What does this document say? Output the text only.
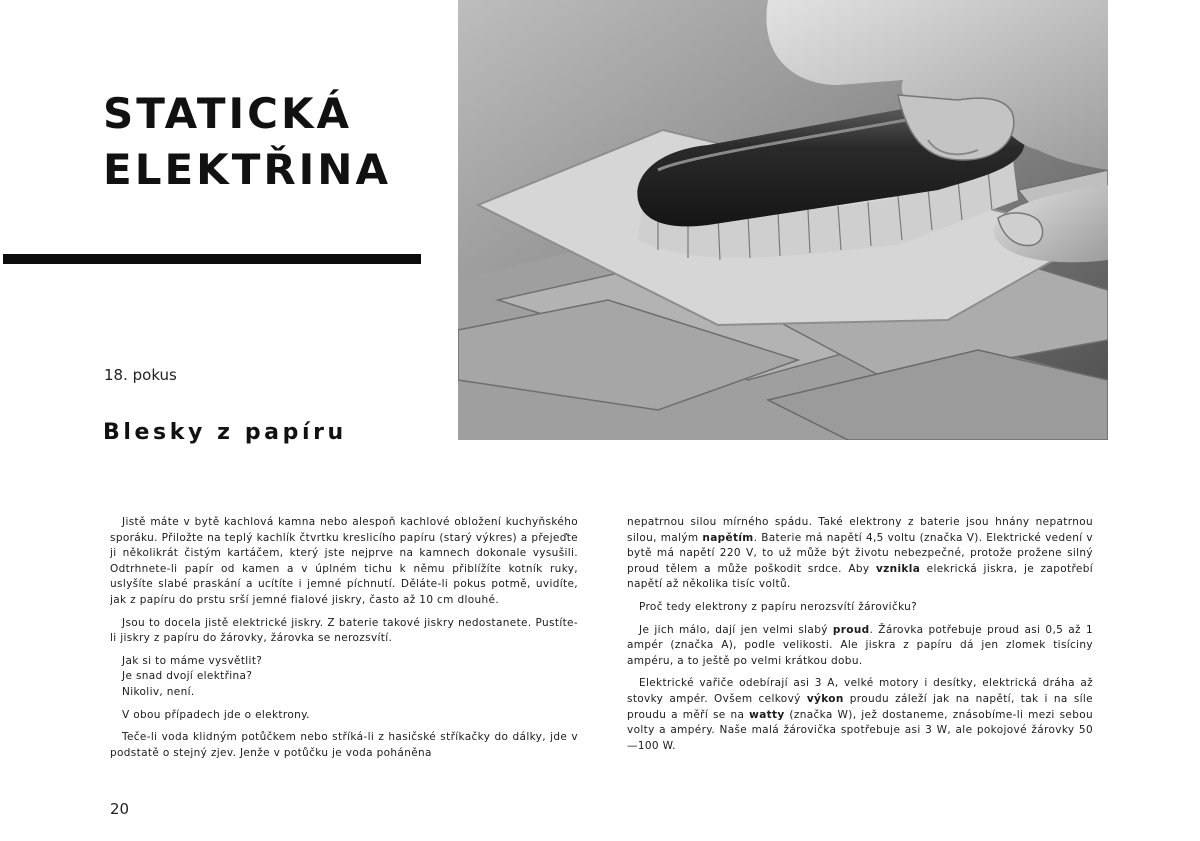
STATICKÁ
ELEKTŘINA
18. pokus
Blesky z papíru

Jistě máte v bytě kachlová kamna nebo alespoň kachlové obložení kuchyňského sporáku. Přiložte na teplý kachlík čtvrtku kreslicího papíru (starý výkres) a přejeďte ji několikrát čistým kartáčem, který jste nejprve na kamnech dokonale vysušili. Odtrhnete-li papír od kamen a v úplném tichu k němu přiblížíte kotník ruky, uslyšíte slabé praskání a ucítíte i jemné píchnutí. Děláte-li pokus potmě, uvidíte, jak z papíru do prstu srší jemné fialové jiskry, často až 10 cm dlouhé.

Jsou to docela jistě elektrické jiskry. Z baterie takové jiskry nedostanete. Pustíte-li jiskry z papíru do žárovky, žárovka se nerozsvítí.

Jak si to máme vysvětlit?

Je snad dvojí elektřina?

Nikoliv, není.

V obou případech jde o elektrony.

Teče-li voda klidným potůčkem nebo stříká-li z hasičské stříkačky do dálky, jde v podstatě o stejný zjev. Jenže v potůčku je voda poháněna

nepatrnou silou mírného spádu. Také elektrony z baterie jsou hnány nepatrnou silou, malým napětím. Baterie má napětí 4,5 voltu (značka V). Elektrické vedení v bytě má napětí 220 V, to už může být životu nebezpečné, protože prožene silný proud tělem a může poškodit srdce. Aby vznikla elekrická jiskra, je zapotřebí napětí až několika tisíc voltů.

Proč tedy elektrony z papíru nerozsvítí žárovičku?

Je jich málo, dají jen velmi slabý proud. Žárovka potřebuje proud asi 0,5 až 1 ampér (značka A), podle velikosti. Ale jiskra z papíru dá jen zlomek tisíciny ampéru, a to ještě po velmi krátkou dobu.

Elektrické vařiče odebírají asi 3 A, velké motory i desítky, elektrická dráha až stovky ampér. Ovšem celkový výkon proudu záleží jak na napětí, tak i na síle proudu a měří se na watty (značka W), jež dostaneme, znásobíme-li mezi sebou volty a ampéry. Naše malá žárovička spotřebuje asi 3 W, ale pokojové žárovky 50—100 W.

20
